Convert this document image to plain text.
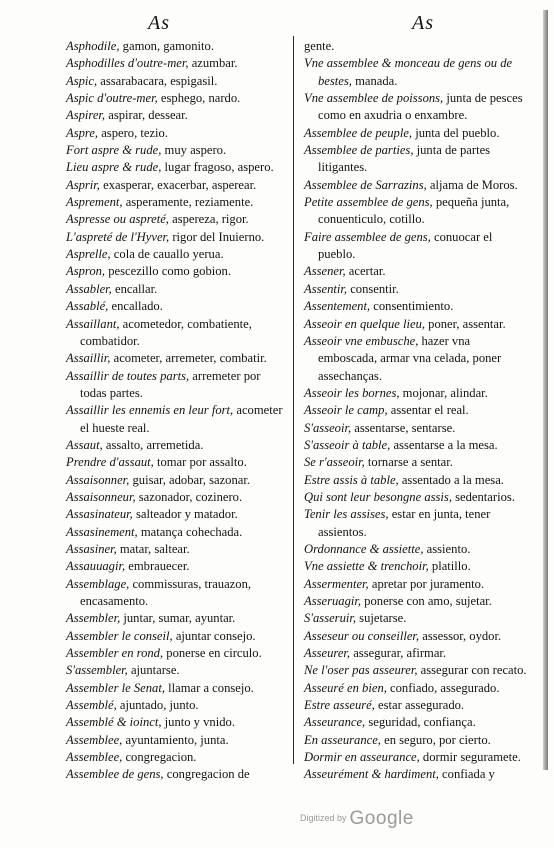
As	As
Asphodile, gamon, gamonito.
Asphodilles d'outre-mer, azumbar.
Aspic, assarabacara, espigasil.
Aspic d'outre-mer, esphego, nardo.
Aspirer, aspirar, dessear.
Aspre, aspero, tezio.
Fort aspre & rude, muy aspero.
Lieu aspre & rude, lugar fragoso, aspero.
Asprir, exasperar, exacerbar, asperear.
Asprement, asperamente, reziamente.
Aspresse ou aspreté, aspereza, rigor.
L'aspreté de l'Hyver, rigor del Inuierno.
Asprelle, cola de cauallo yerua.
Aspron, pescezillo como gobion.
Assabler, encallar.
Assablé, encallado.
Assaillant, acometedor, combatiente, combatidor.
Assaillir, acometer, arremeter, combatir.
Assaillir de toutes parts, arremeter por todas partes.
Assaillir les ennemis en leur fort, acometer el hueste real.
Assaut, assalto, arremetida.
Prendre d'assaut, tomar por assalto.
Assaisonner, guisar, adobar, sazonar.
Assaisonneur, sazonador, cozinero.
Assasinateur, salteador y matador.
Assasinement, matança cohechada.
Assasiner, matar, saltear.
Assauuagir, embrauecer.
Assemblage, commissuras, trauazon, encasamento.
Assembler, juntar, sumar, ayuntar.
Assembler le conseil, ajuntar consejo.
Assembler en rond, ponerse en circulo.
S'assembler, ajuntarse.
Assembler le Senat, llamar a consejo.
Assemblé, ajuntado, junto.
Assemblé & ioinct, junto y vnido.
Assemblee, ayuntamiento, junta.
Assemblee, congregacion.
Assemblee de gens, congregacion de
gente.
Vne assemblee & monceau de gens ou de bestes, manada.
Vne assemblee de poissons, junta de pesces como en axudria o enxambre.
Assemblee de peuple, junta del pueblo.
Assemblee de parties, junta de partes litigantes.
Assemblee de Sarrazins, aljama de Moros.
Petite assemblee de gens, pequeña junta, conuenticulo, cotillo.
Faire assemblee de gens, conuocar el pueblo.
Assener, acertar.
Assentir, consentir.
Assentement, consentimiento.
Asseoir en quelque lieu, poner, assentar.
Asseoir vne embusche, hazer vna emboscada, armar vna celada, poner assechanças.
Asseoir les bornes, mojonar, alindar.
Asseoir le camp, assentar el real.
S'asseoir, assentarse, sentarse.
S'asseoir à table, assentarse a la mesa.
Se r'asseoir, tornarse a sentar.
Estre assis à table, assentado a la mesa.
Qui sont leur besongne assis, sedentarios.
Tenir les assises, estar en junta, tener assientos.
Ordonnance & assiette, assiento.
Vne assiette & trenchoir, platillo.
Assermenter, apretar por juramento.
Asseruagir, ponerse con amo, sujetar.
S'asseruir, sujetarse.
Asseseur ou conseiller, assessor, oydor.
Asseurer, assegurar, afirmar.
Ne l'oser pas asseurer, assegurar con recato.
Asseuré en bien, confiado, assegurado.
Estre asseuré, estar assegurado.
Asseurance, seguridad, confiança.
En asseurance, en seguro, por cierto.
Dormir en asseurance, dormir seguramete.
Asseurément & hardiment, confiada y
Digitized by Google
